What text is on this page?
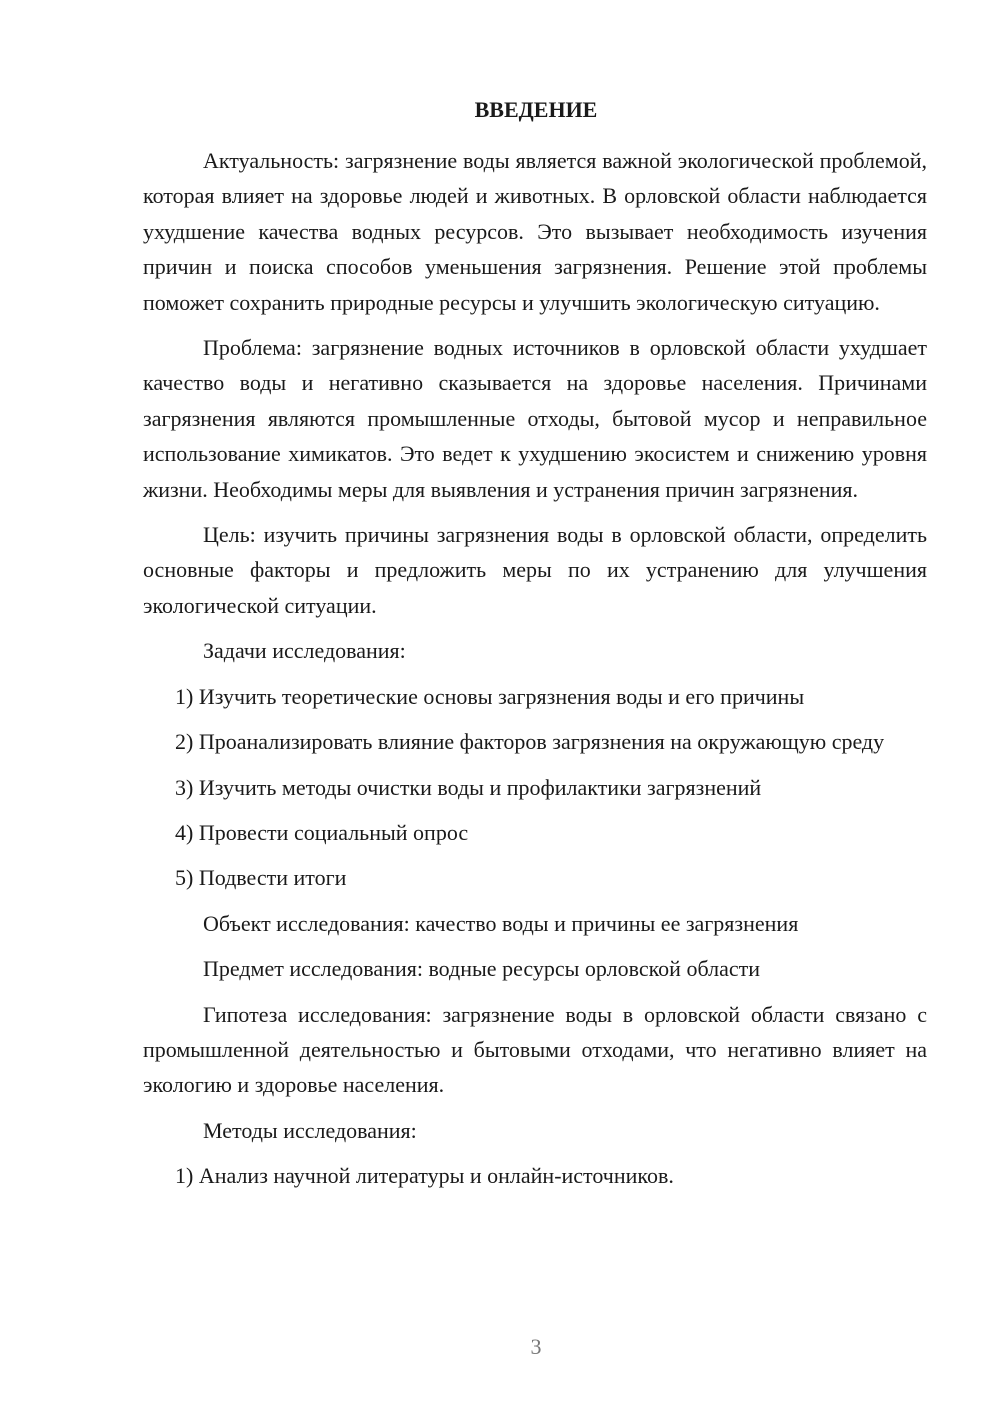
ВВЕДЕНИЕ

Актуальность: загрязнение воды является важной экологической проблемой, которая влияет на здоровье людей и животных. В орловской области наблюдается ухудшение качества водных ресурсов. Это вызывает необходимость изучения причин и поиска способов уменьшения загрязнения. Решение этой проблемы поможет сохранить природные ресурсы и улучшить экологическую ситуацию.

Проблема: загрязнение водных источников в орловской области ухудшает качество воды и негативно сказывается на здоровье населения. Причинами загрязнения являются промышленные отходы, бытовой мусор и неправильное использование химикатов. Это ведет к ухудшению экосистем и снижению уровня жизни. Необходимы меры для выявления и устранения причин загрязнения.

Цель: изучить причины загрязнения воды в орловской области, определить основные факторы и предложить меры по их устранению для улучшения экологической ситуации.

Задачи исследования:

1) Изучить теоретические основы загрязнения воды и его причины

2) Проанализировать влияние факторов загрязнения на окружающую среду

3) Изучить методы очистки воды и профилактики загрязнений

4) Провести социальный опрос

5) Подвести итоги

Объект исследования: качество воды и причины ее загрязнения

Предмет исследования: водные ресурсы орловской области

Гипотеза исследования: загрязнение воды в орловской области связано с промышленной деятельностью и бытовыми отходами, что негативно влияет на экологию и здоровье населения.

Методы исследования:

1) Анализ научной литературы и онлайн-источников.

3
